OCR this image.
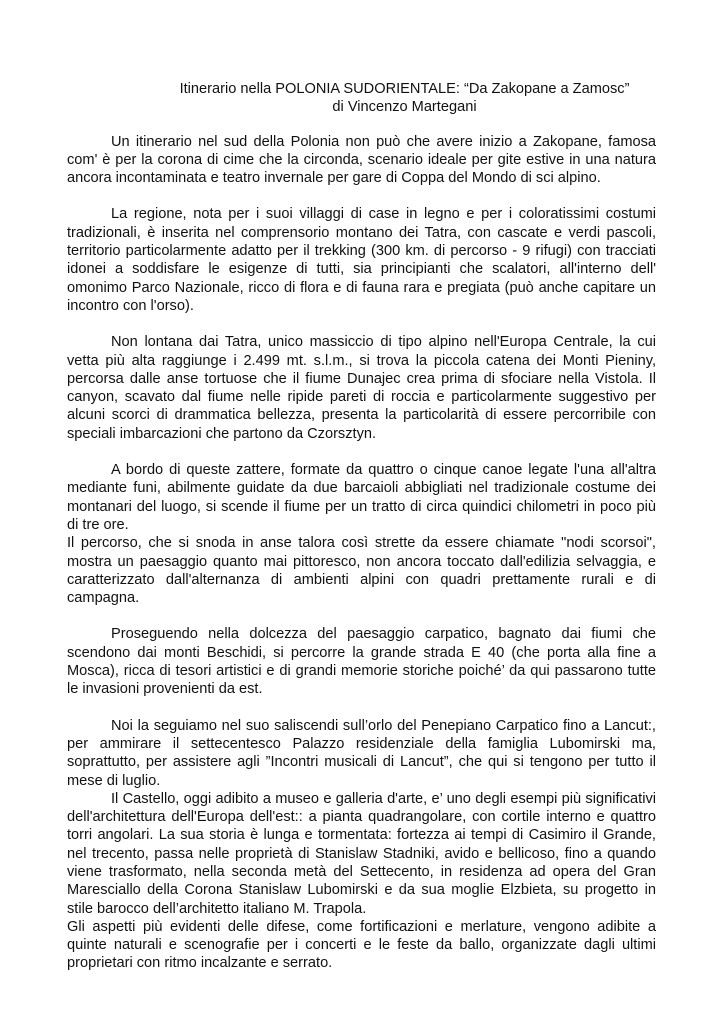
Itinerario nella POLONIA SUDORIENTALE: “Da Zakopane a Zamosc”
di Vincenzo Martegani

Un itinerario nel sud della Polonia non può che avere inizio a Zakopane, famosa com' è per la corona di cime che la circonda, scenario ideale per gite estive in una natura ancora incontaminata e teatro invernale per gare di Coppa del Mondo di sci alpino.

La regione, nota per i suoi villaggi di case in legno e per i coloratissimi costumi tradizionali, è inserita nel comprensorio montano dei Tatra, con cascate e verdi pascoli, territorio particolarmente adatto per il trekking (300 km. di percorso - 9 rifugi) con tracciati idonei a soddisfare le esigenze di tutti, sia principianti che scalatori, all'interno dell' omonimo Parco Nazionale, ricco di flora e di fauna rara e pregiata (può anche capitare un incontro con l'orso).

Non lontana dai Tatra, unico massiccio di tipo alpino nell'Europa Centrale, la cui vetta più alta raggiunge i 2.499 mt. s.l.m., si trova la piccola catena dei Monti Pieniny, percorsa dalle anse tortuose che il fiume Dunajec crea prima di sfociare nella Vistola. Il canyon, scavato dal fiume nelle ripide pareti di roccia e particolarmente suggestivo per alcuni scorci di drammatica bellezza, presenta la particolarità di essere percorribile con speciali imbarcazioni che partono da Czorsztyn.

A bordo di queste zattere, formate da quattro o cinque canoe legate l'una all'altra mediante funi, abilmente guidate da due barcaioli abbigliati nel tradizionale costume dei montanari del luogo, si scende il fiume per un tratto di circa quindici chilometri in poco più di tre ore.

Il percorso, che si snoda in anse talora così strette da essere chiamate "nodi scorsoi", mostra un paesaggio quanto mai pittoresco, non ancora toccato dall'edilizia selvaggia, e caratterizzato dall'alternanza di ambienti alpini con quadri prettamente rurali e di campagna.

Proseguendo nella dolcezza del paesaggio carpatico, bagnato dai fiumi che scendono dai monti Beschidi, si percorre la grande strada E 40 (che porta alla fine a Mosca), ricca di tesori artistici e di grandi memorie storiche poiché’ da qui passarono tutte le invasioni provenienti da est.

Noi la seguiamo nel suo saliscendi sull’orlo del Penepiano Carpatico fino a Lancut:, per ammirare il settecentesco Palazzo residenziale della famiglia Lubomirski ma, soprattutto, per assistere agli ”Incontri musicali di Lancut”, che qui si tengono per tutto il mese di luglio.

Il Castello, oggi adibito a museo e galleria d'arte, e’ uno degli esempi più significativi dell'architettura dell'Europa dell'est:: a pianta quadrangolare, con cortile interno e quattro torri angolari. La sua storia è lunga e tormentata: fortezza ai tempi di Casimiro il Grande, nel trecento, passa nelle proprietà di Stanislaw Stadniki, avido e bellicoso, fino a quando viene trasformato, nella seconda metà del Settecento, in residenza ad opera del Gran Maresciallo della Corona Stanislaw Lubomirski e da sua moglie Elzbieta, su progetto in stile barocco dell’architetto italiano M. Trapola.

Gli aspetti più evidenti delle difese, come fortificazioni e merlature, vengono adibite a quinte naturali e scenografie per i concerti e le feste da ballo, organizzate dagli ultimi proprietari con ritmo incalzante e serrato.
